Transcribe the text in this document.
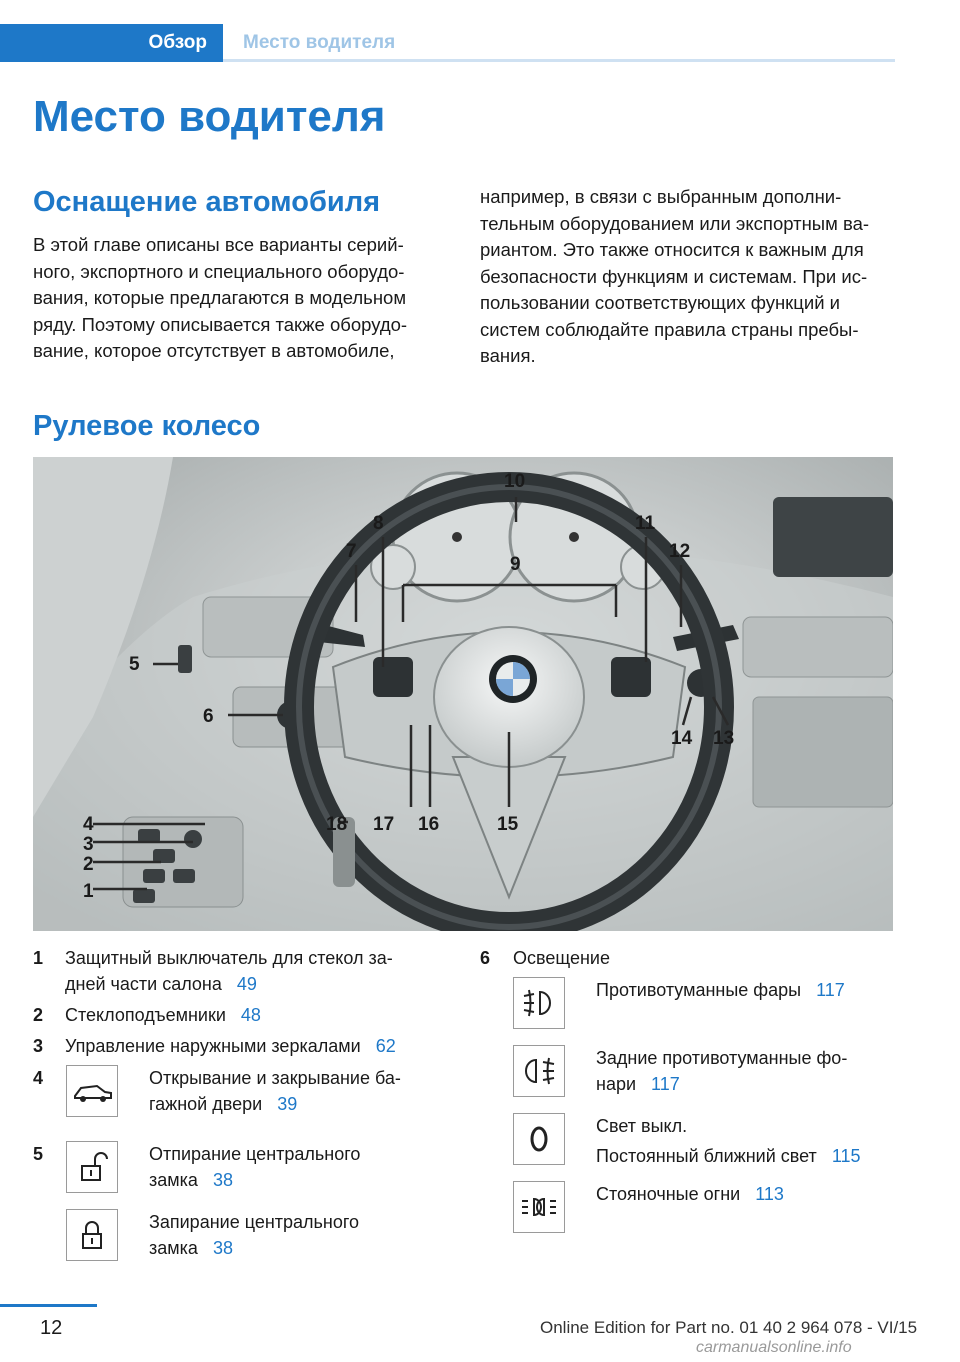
Обзор	Место водителя
Место водителя
Оснащение автомобиля
В этой главе описаны все варианты серий-
ного, экспортного и специального оборудо-
вания, которые предлагаются в модельном
ряду. Поэтому описывается также оборудо-
вание, которое отсутствует в автомобиле,
например, в связи с выбранным дополни-
тельным оборудованием или экспортным ва-
риантом. Это также относится к важным для
безопасности функциям и системам. При ис-
пользовании соответствующих функций и
систем соблюдайте правила страны пребы-
вания.
Рулевое колесо
1
2
3
4
5
6
7
8
9
10
11
12
13
14
15
16
17
18
1 Защитный выключатель для стекол за-
дней части салона 49
2 Стеклоподъемники 48
3 Управление наружными зеркалами 62
4	Открывание и закрывание ба-
гажной двери 39
5	Отпирание центрального
замка 38
Запирание центрального
замка 38
6 Освещение
Противотуманные фары 117
Задние противотуманные фо-
нари 117
Свет выкл.
Постоянный ближний свет 115
Стояночные огни 113
12	Online Edition for Part no. 01 40 2 964 078 - VI/15
carmanualsonline.info
